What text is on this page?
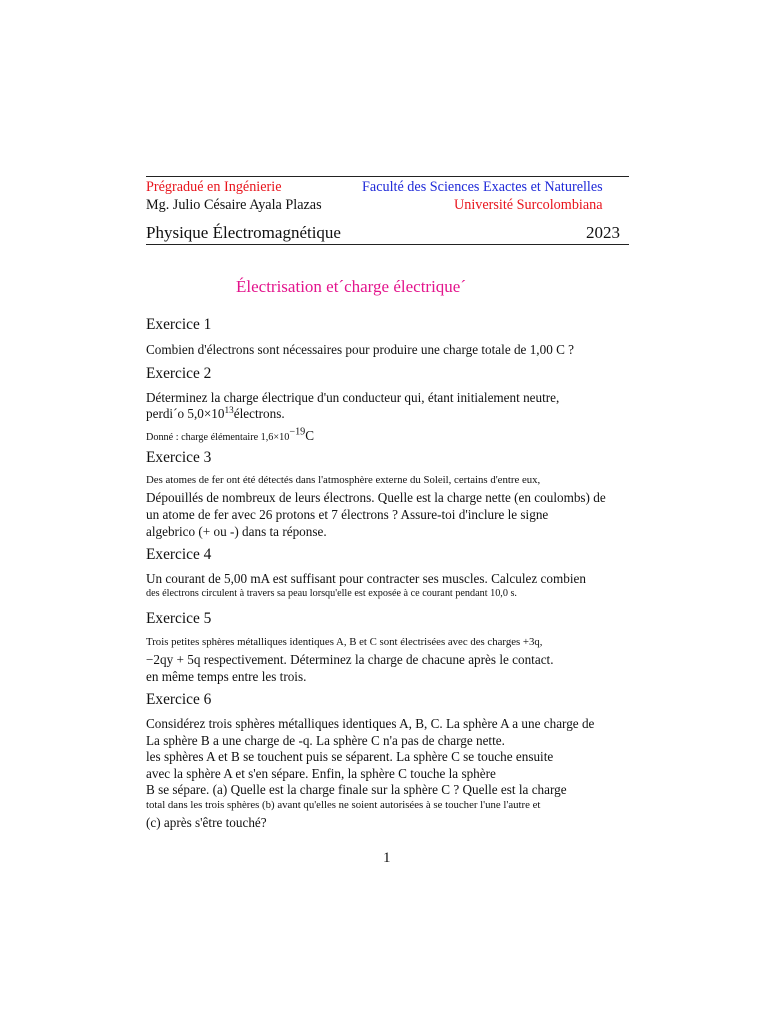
Prégradué en Ingénierie	Faculté des Sciences Exactes et Naturelles
Mg. Julio Césaire Ayala Plazas	Université Surcolombiana
Physique Électromagnétique	2023
Électrisation et´charge électrique´
Exercice 1
Combien d'électrons sont nécessaires pour produire une charge totale de 1,00 C ?
Exercice 2
Déterminez la charge électrique d'un conducteur qui, étant initialement neutre,
perdi´o $5,0\times 10^{13}électrons$.
Donné : charge élémentaire $1,6\times 10^{-19}C$
Exercice 3
Des atomes de fer ont été détectés dans l'atmosphère externe du Soleil, certains d'entre eux,
Dépouillés de nombreux de leurs électrons. Quelle est la charge nette (en coulombs) de
un atome de fer avec 26 protons et 7 électrons ? Assure-toi d'inclure le signe
algebrico (+ ou -) dans ta réponse.
Exercice 4
Un courant de 5,00 mA est suffisant pour contracter ses muscles. Calculez combien
des électrons circulent à travers sa peau lorsqu'elle est exposée à ce courant pendant 10,0 s.
Exercice 5
Trois petites sphères métalliques identiques A, B et C sont électrisées avec des charges +3q,
−2qy + 5q respectivement. Déterminez la charge de chacune après le contact.
en même temps entre les trois.
Exercice 6
Considérez trois sphères métalliques identiques A, B, C. La sphère A a une charge de
La sphère B a une charge de -q. La sphère C n'a pas de charge nette.
les sphères A et B se touchent puis se séparent. La sphère C se touche ensuite
avec la sphère A et s'en sépare. Enfin, la sphère C touche la sphère
B se sépare. (a) Quelle est la charge finale sur la sphère C ? Quelle est la charge
total dans les trois sphères (b) avant qu'elles ne soient autorisées à se toucher l'une l'autre et
(c) après s'être touché?
1
